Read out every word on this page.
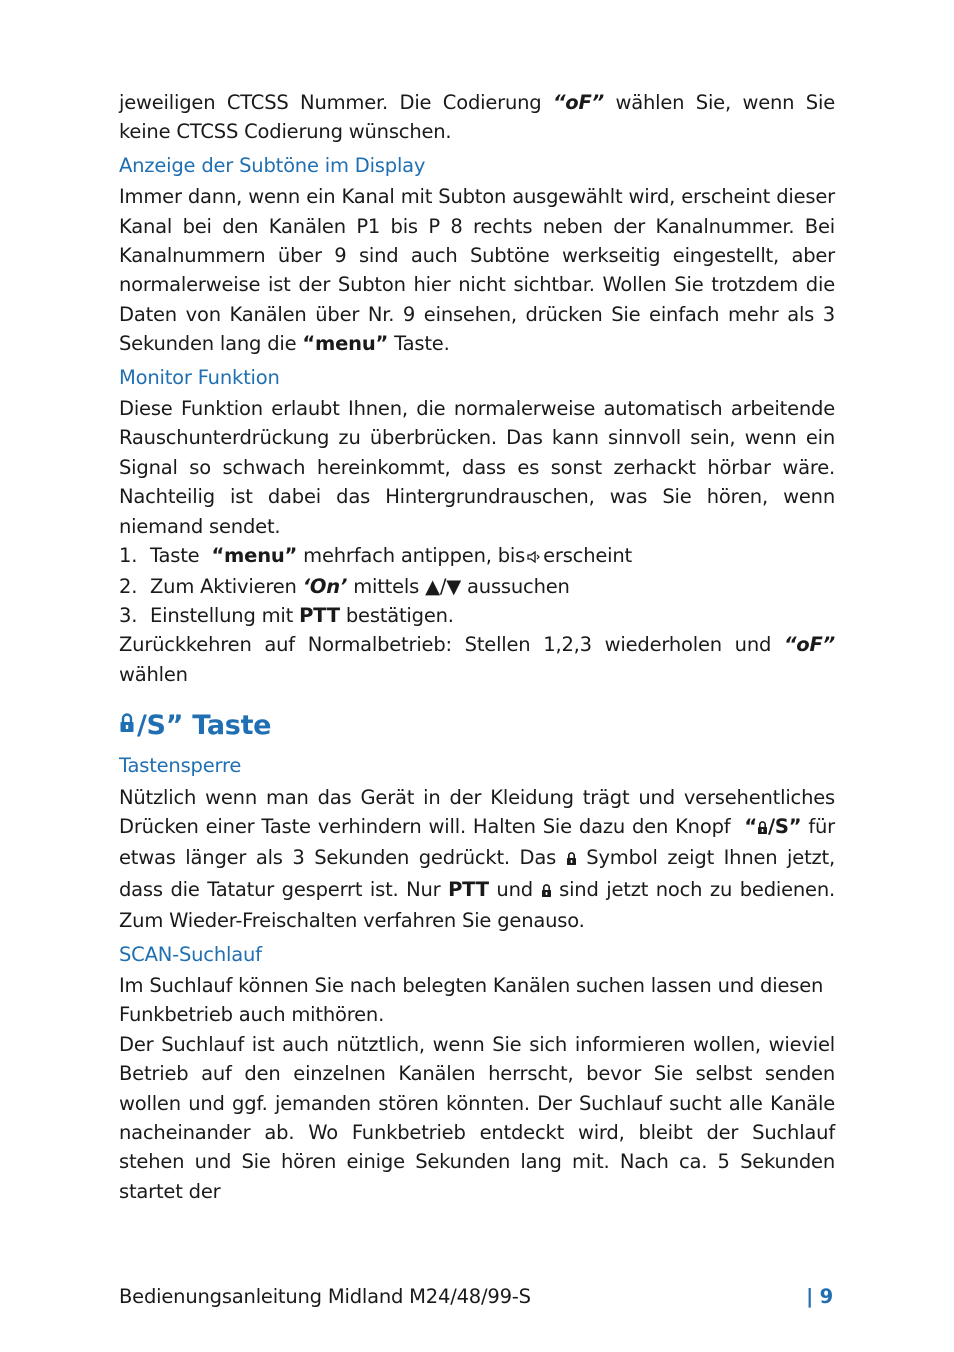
jeweiligen CTCSS Nummer. Die Codierung “oF” wählen Sie, wenn Sie keine CTCSS Codierung wünschen.

Anzeige der Subtöne im Display

Immer dann, wenn ein Kanal mit Subton ausgewählt wird, erscheint dieser Kanal bei den Kanälen P1 bis P 8 rechts neben der Kanalnummer. Bei Kanalnummern über 9 sind auch Subtöne werkseitig eingestellt, aber normalerweise ist der Subton hier nicht sichtbar. Wollen Sie trotzdem die Daten von Kanälen über Nr. 9 einsehen, drücken Sie einfach mehr als 3 Sekunden lang die “menu” Taste.

Monitor Funktion

Diese Funktion erlaubt Ihnen, die normalerweise automatisch arbeitende Rauschunterdrückung zu überbrücken. Das kann sinnvoll sein, wenn ein Signal so schwach hereinkommt, dass es sonst zerhackt hörbar wäre. Nachteilig ist dabei das Hintergrundrauschen, was Sie hören, wenn niemand sendet.

1. Taste  “menu” mehrfach antippen, bis erscheint
2. Zum Aktivieren ‘On’ mittels ▲/▼ aussuchen
3. Einstellung mit PTT bestätigen.

Zurückkehren auf Normalbetrieb: Stellen 1,2,3 wiederholen und “oF” wählen

/S” Taste
Tastensperre

Nützlich wenn man das Gerät in der Kleidung trägt und versehentliches Drücken einer Taste verhindern will. Halten Sie dazu den Knopf  “ /S” für etwas länger als 3 Sekunden gedrückt. Das  Symbol zeigt Ihnen jetzt, dass die Tatatur gesperrt ist. Nur PTT und  sind jetzt noch zu bedienen. Zum Wieder-Freischalten verfahren Sie genauso.

SCAN-Suchlauf

Im Suchlauf können Sie nach belegten Kanälen suchen lassen und diesen Funkbetrieb auch mithören.

Der Suchlauf ist auch nütztlich, wenn Sie sich informieren wollen, wieviel Betrieb auf den einzelnen Kanälen herrscht, bevor Sie selbst senden wollen und ggf. jemanden stören könnten. Der Suchlauf sucht alle Kanäle nacheinander ab. Wo Funkbetrieb entdeckt wird, bleibt der Suchlauf stehen und Sie hören einige Sekunden lang mit. Nach ca. 5 Sekunden startet der

Bedienungsanleitung Midland M24/48/99-S	| 9
